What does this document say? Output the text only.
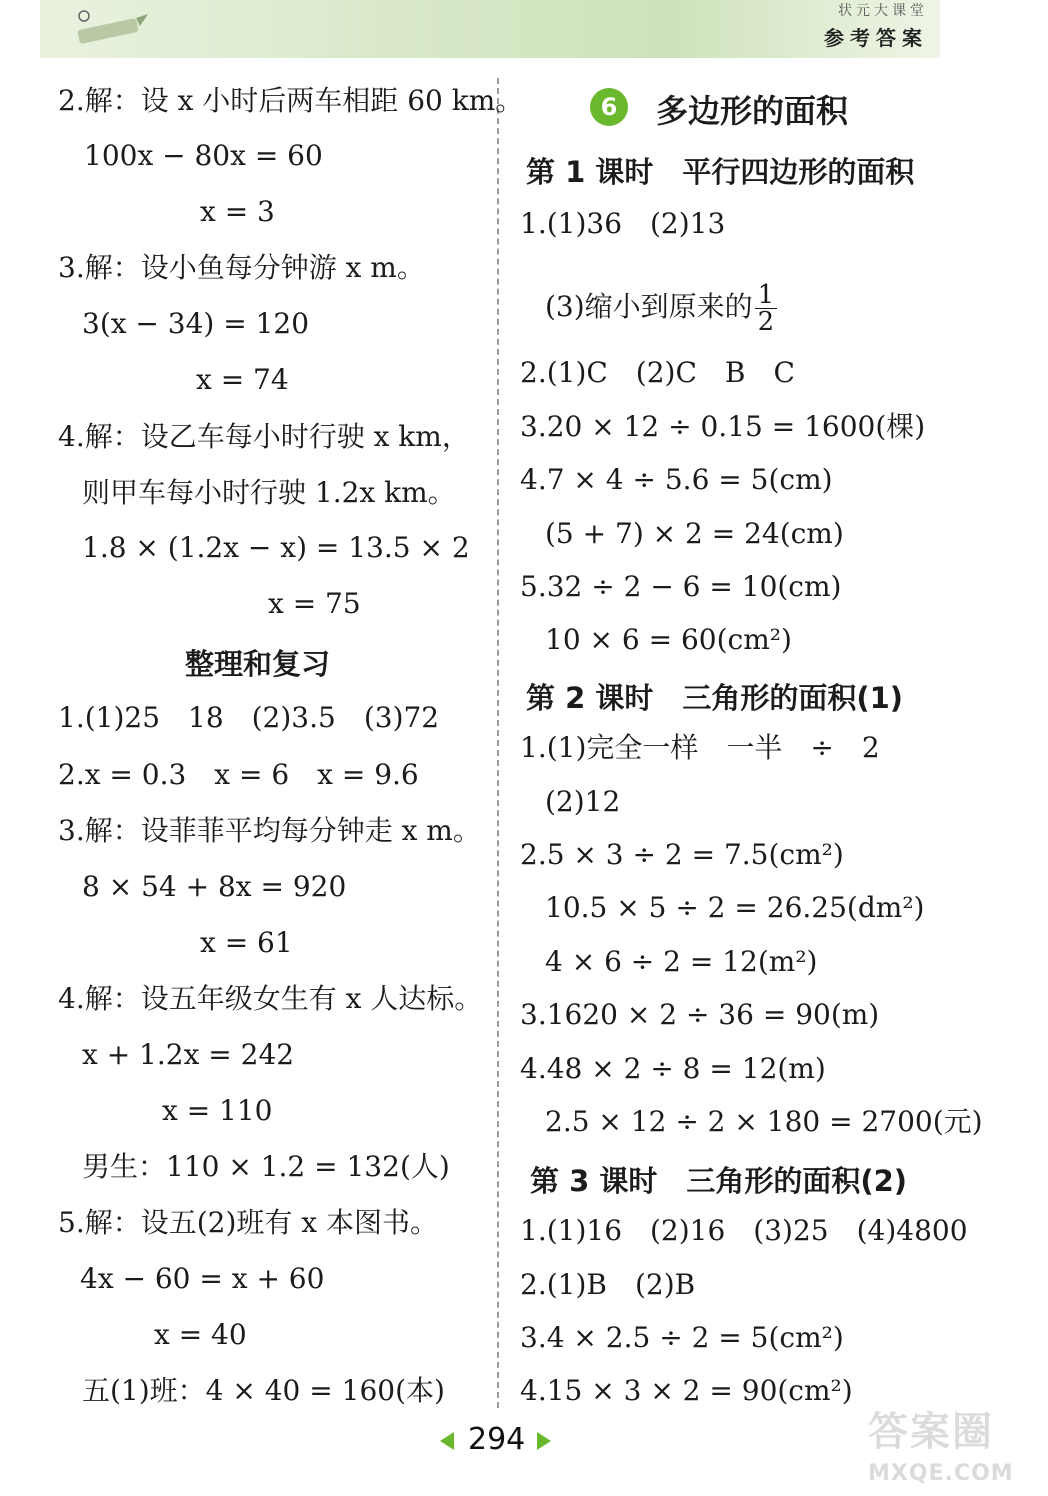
状元大课堂
参考答案
2.解：设 x 小时后两车相距 60 km。
100x − 80x = 60
x = 3
3.解：设小鱼每分钟游 x m。
3(x − 34) = 120
x = 74
4.解：设乙车每小时行驶 x km，
则甲车每小时行驶 1.2x km。
1.8 × (1.2x − x) = 13.5 × 2
x = 75
整理和复习
1.(1)25　18　(2)3.5　(3)72
2.x = 0.3　x = 6　x = 9.6
3.解：设菲菲平均每分钟走 x m。
8 × 54 + 8x = 920
x = 61
4.解：设五年级女生有 x 人达标。
x + 1.2x = 242
x = 110
男生：110 × 1.2 = 132(人)
5.解：设五(2)班有 x 本图书。
4x − 60 = x + 60
x = 40
五(1)班：4 × 40 = 160(本)
6	多边形的面积
第 1 课时　平行四边形的面积
1.(1)36　(2)13
(3)缩小到原来的 $\frac{1}{2}$
2.(1)C　(2)C　B　C
3.20 × 12 ÷ 0.15 = 1600(棵)
4.7 × 4 ÷ 5.6 = 5(cm)
(5 + 7) × 2 = 24(cm)
5.32 ÷ 2 − 6 = 10(cm)
10 × 6 = 60(cm²)
第 2 课时　三角形的面积(1)
1.(1)完全一样　一半　÷　2
(2)12
2.5 × 3 ÷ 2 = 7.5(cm²)
10.5 × 5 ÷ 2 = 26.25(dm²)
4 × 6 ÷ 2 = 12(m²)
3.1620 × 2 ÷ 36 = 90(m)
4.48 × 2 ÷ 8 = 12(m)
2.5 × 12 ÷ 2 × 180 = 2700(元)
第 3 课时　三角形的面积(2)
1.(1)16　(2)16　(3)25　(4)4800
2.(1)B　(2)B
3.4 × 2.5 ÷ 2 = 5(cm²)
4.15 × 3 × 2 = 90(cm²)
294	答案圈
MXQE.COM
